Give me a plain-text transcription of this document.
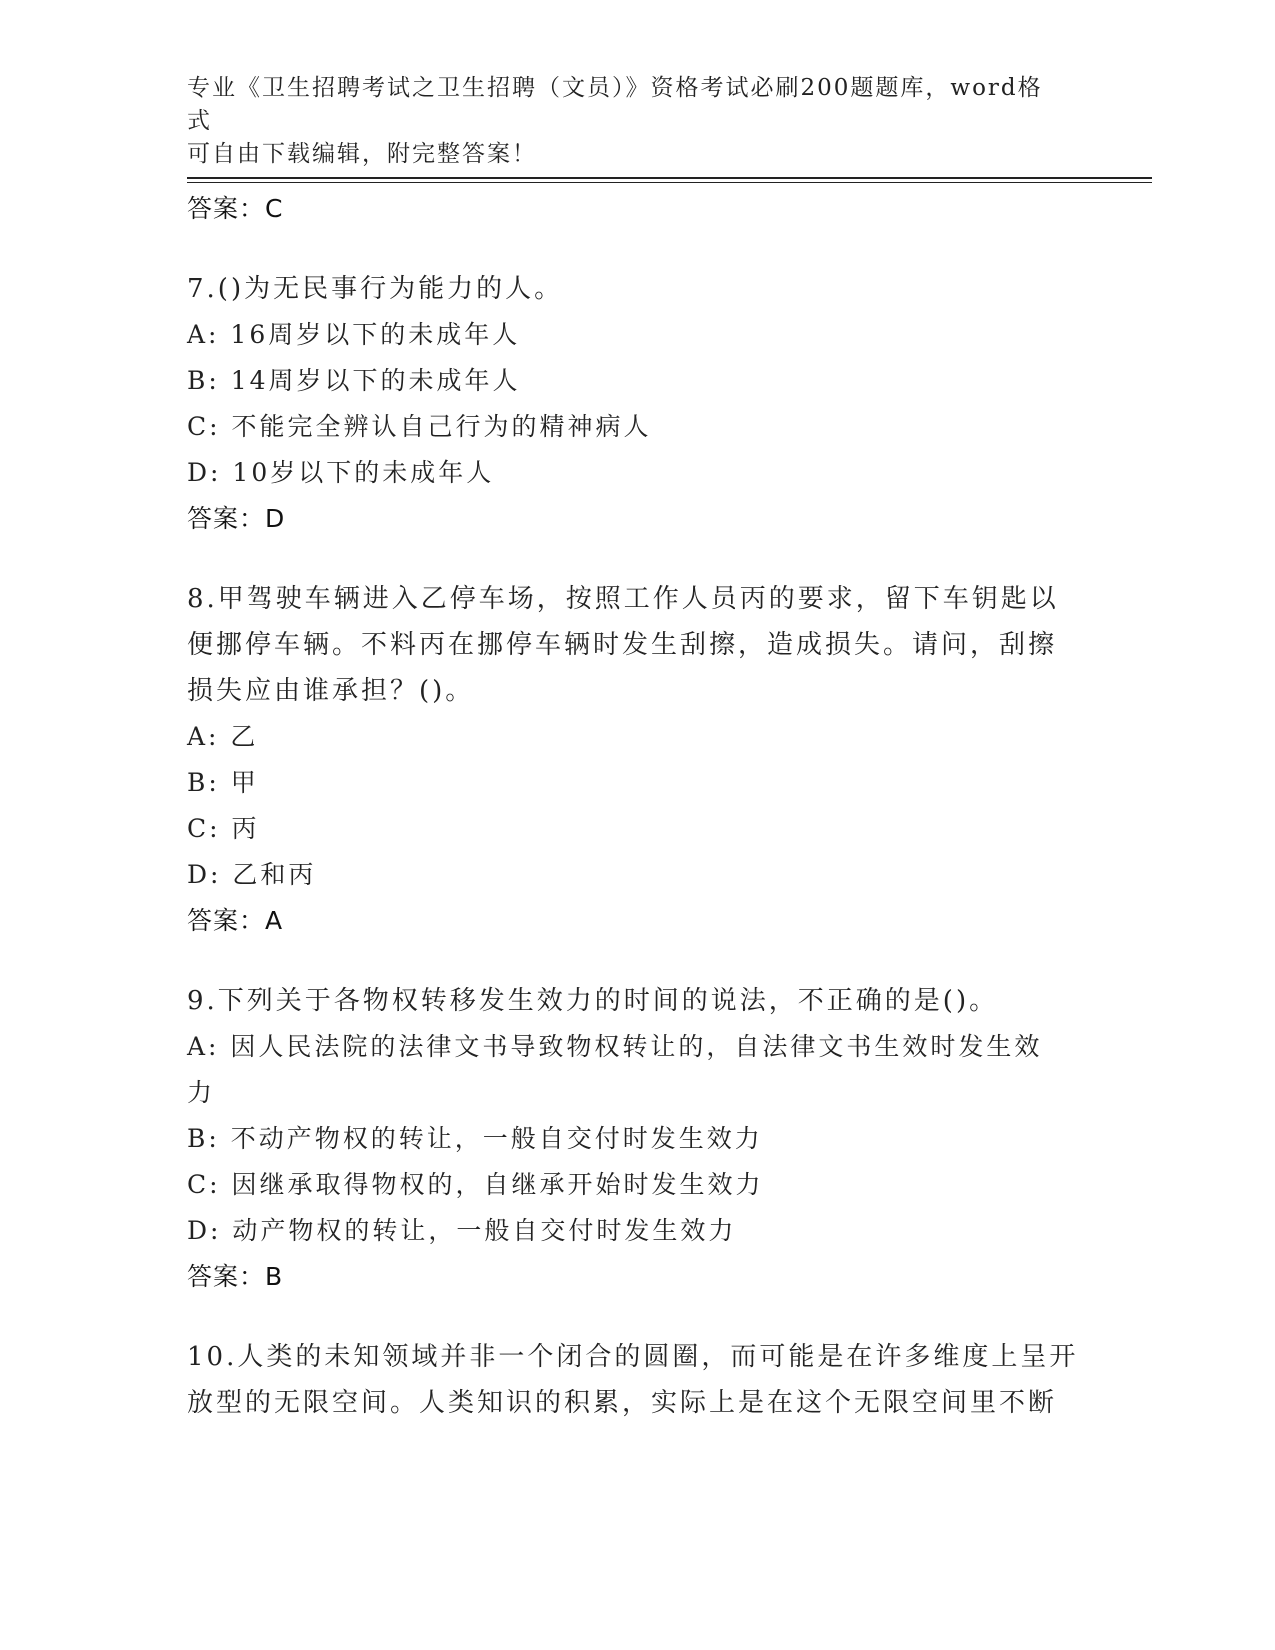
专业《卫生招聘考试之卫生招聘（文员）》资格考试必刷200题题库，word格式
可自由下载编辑，附完整答案！
答案：C
7.()为无民事行为能力的人。
A: 16周岁以下的未成年人
B: 14周岁以下的未成年人
C: 不能完全辨认自己行为的精神病人
D: 10岁以下的未成年人
答案：D
8.甲驾驶车辆进入乙停车场，按照工作人员丙的要求，留下车钥匙以
便挪停车辆。不料丙在挪停车辆时发生刮擦，造成损失。请问，刮擦
损失应由谁承担？()。
A: 乙
B: 甲
C: 丙
D: 乙和丙
答案：A
9.下列关于各物权转移发生效力的时间的说法，不正确的是()。
A: 因人民法院的法律文书导致物权转让的，自法律文书生效时发生效
力
B: 不动产物权的转让，一般自交付时发生效力
C: 因继承取得物权的，自继承开始时发生效力
D: 动产物权的转让，一般自交付时发生效力
答案：B
10.人类的未知领域并非一个闭合的圆圈，而可能是在许多维度上呈开
放型的无限空间。人类知识的积累，实际上是在这个无限空间里不断
